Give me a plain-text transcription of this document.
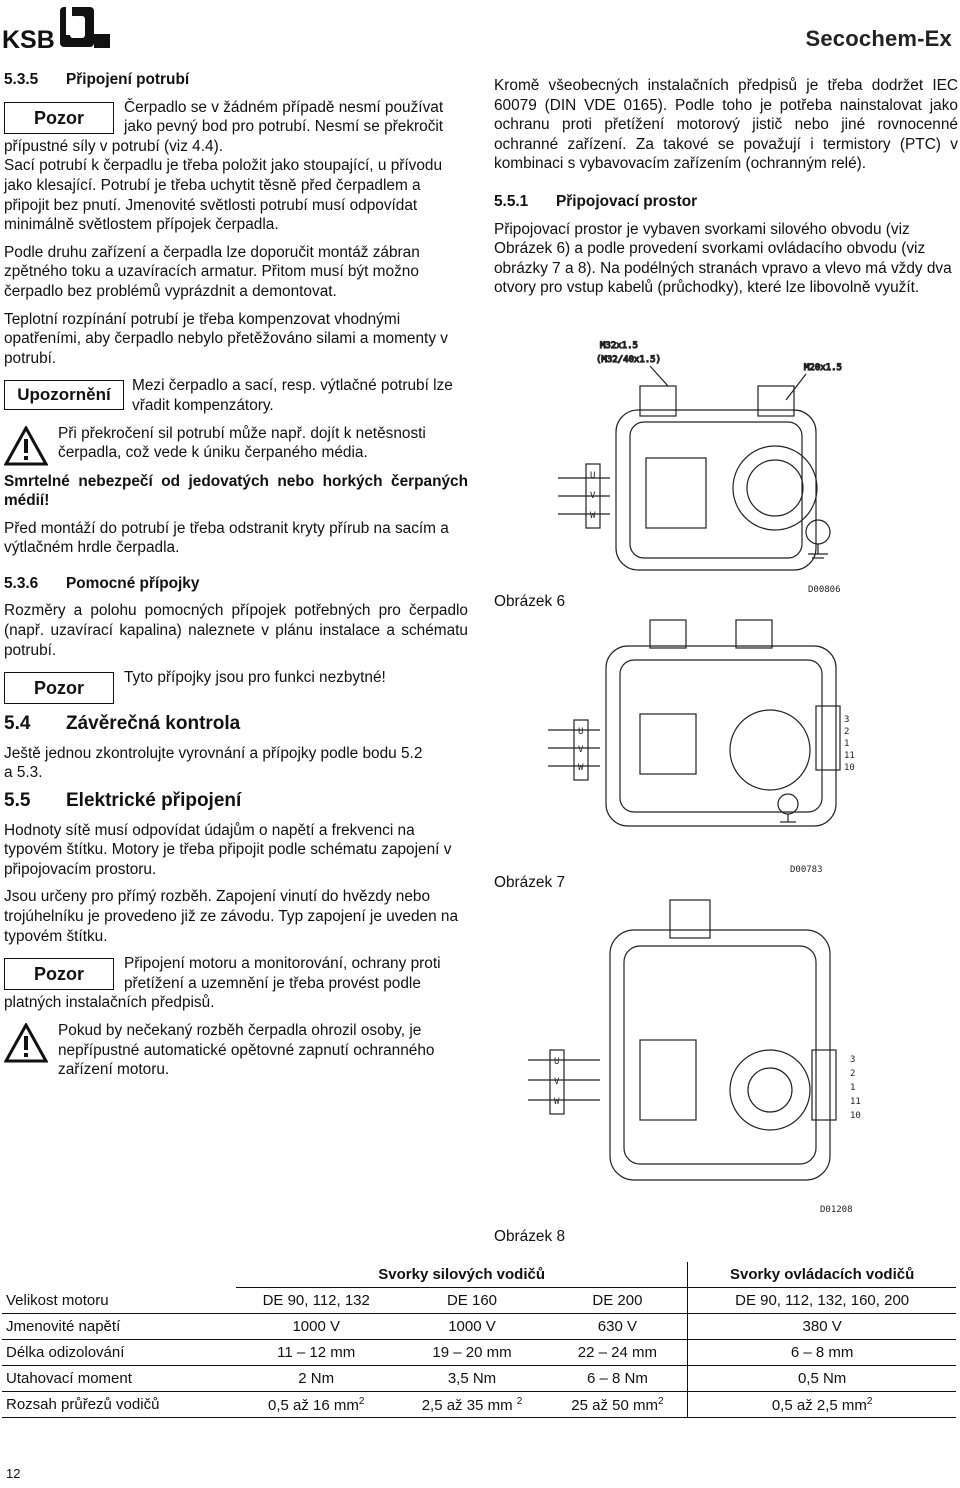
KSB	Secochem-Ex
5.3.5 Připojení potrubí
Pozor
Čerpadlo se v žádném případě nesmí používat jako pevný bod pro potrubí. Nesmí se překročit přípustné síly v potrubí (viz 4.4).

Sací potrubí k čerpadlu je třeba položit jako stoupající, u přívodu jako klesající. Potrubí je třeba uchytit těsně před čerpadlem a připojit bez pnutí. Jmenovité světlosti potrubí musí odpovídat minimálně světlostem přípojek čerpadla.

Podle druhu zařízení a čerpadla lze doporučit montáž zábran zpětného toku a uzavíracích armatur. Přitom musí být možno čerpadlo bez problémů vyprázdnit a demontovat.

Teplotní rozpínání potrubí je třeba kompenzovat vhodnými opatřeními, aby čerpadlo nebylo přetěžováno silami a momenty v potrubí.

Upozornění	Mezi čerpadlo a sací, resp. výtlačné potrubí lze vřadit kompenzátory.
Při překročení sil potrubí může např. dojít k netěsnosti čerpadla, což vede k úniku čerpaného média.

Smrtelné nebezpečí od jedovatých nebo horkých čerpaných médií!

Před montáží do potrubí je třeba odstranit kryty přírub na sacím a výtlačném hrdle čerpadla.

5.3.6 Pomocné přípojky

Rozměry a polohu pomocných přípojek potřebných pro čerpadlo (např. uzavírací kapalina) naleznete v plánu instalace a schématu potrubí.

Pozor
Tyto přípojky jsou pro funkci nezbytné!
5.4 Závěrečná kontrola

Ještě jednou zkontrolujte vyrovnání a přípojky podle bodu 5.2 a 5.3.

5.5 Elektrické připojení

Hodnoty sítě musí odpovídat údajům o napětí a frekvenci na typovém štítku. Motory je třeba připojit podle schématu zapojení v připojovacím prostoru.

Jsou určeny pro přímý rozběh. Zapojení vinutí do hvězdy nebo trojúhelníku je provedeno již ze závodu. Typ zapojení je uveden na typovém štítku.

Pozor
Připojení motoru a monitorování, ochrany proti přetížení a uzemnění je třeba provést podle platných instalačních předpisů.
Pokud by nečekaný rozběh čerpadla ohrozil osoby, je nepřípustné automatické opětovné zapnutí ochranného zařízení motoru.

Kromě všeobecných instalačních předpisů je třeba dodržet IEC 60079 (DIN VDE 0165). Podle toho je potřeba nainstalovat jako ochranu proti přetížení motorový jistič nebo jiné rovnocenné ochranné zařízení. Za takové se považují i termistory (PTC) v kombinaci s vybavovacím zařízením (ochranným relé).

5.5.1 Připojovací prostor

Připojovací prostor je vybaven svorkami silového obvodu (viz Obrázek 6) a podle provedení svorkami ovládacího obvodu (viz obrázky 7 a 8). Na podélných stranách vpravo a vlevo má vždy dva otvory pro vstup kabelů (průchodky), které lze libovolně využít.

Obrázek 6
M32x1.5
(M32/40x1.5)
M20x1.5
U
V
W
D00806
Obrázek 7
U
V
W
3
2
1
11
10
D00783
Obrázek 8
U
V
W
3
2
1
11
10
D01208
	Svorky silových vodičů			Svorky ovládacích vodičů
Velikost motoru	DE 90, 112, 132	DE 160	DE 200	DE 90, 112, 132, 160, 200
Jmenovité napětí	1000 V	1000 V	630 V	380 V
Délka odizolování	11 – 12 mm	19 – 20 mm	22 – 24 mm	6 – 8 mm
Utahovací moment	2 Nm	3,5 Nm	6 – 8 Nm	0,5 Nm
Rozsah průřezů vodičů	0,5 až 16 $mm^2$	2,5 až 35 mm $^2$	25 až 50 $mm^2$	0,5 až 2,5 $mm^2$
12
